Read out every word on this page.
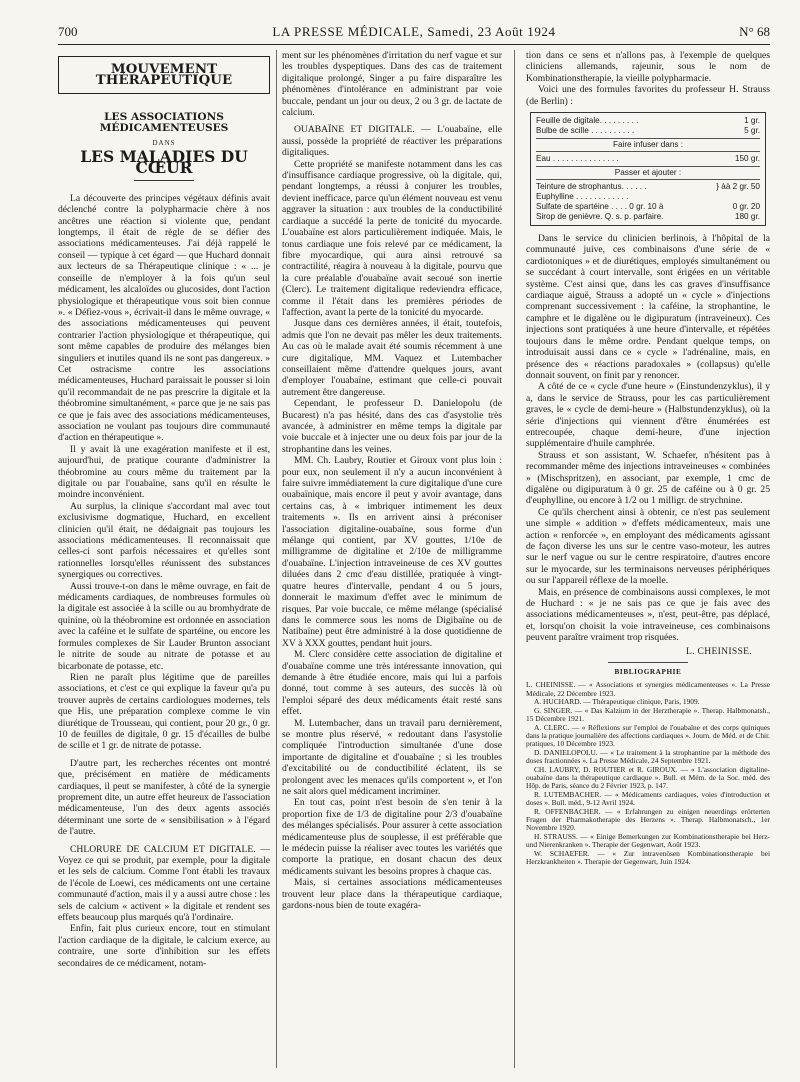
700	LA PRESSE MÉDICALE, Samedi, 23 Août 1924	N° 68
MOUVEMENT THÉRAPEUTIQUE
LES ASSOCIATIONS MÉDICAMENTEUSES
DANS
LES MALADIES DU CŒUR

La découverte des principes végétaux définis avait déclenché contre la polypharmacie chère à nos ancêtres une réaction si violente que, pendant longtemps, il était de règle de se défier des associations médicamenteuses. J'ai déjà rappelé le conseil — typique à cet égard — que Huchard donnait aux lecteurs de sa Thérapeutique clinique : « ... je conseille de n'employer à la fois qu'un seul médicament, les alcaloïdes ou glucosides, dont l'action physiologique et thérapeutique vous soit bien connue ». « Défiez-vous », écrivait-il dans le même ouvrage, « des associations médicamenteuses qui peuvent contrarier l'action physiologique et thérapeutique, qui sont même capables de produire des mélanges bien singuliers et inutiles quand ils ne sont pas dangereux. » Cet ostracisme contre les associations médicamenteuses, Huchard paraissait le pousser si loin qu'il recommandait de ne pas prescrire la digitale et la théobromine simultanément, « parce que je ne sais pas ce que je fais avec des associations médicamenteuses, association ne voulant pas toujours dire communauté d'action en thérapeutique ».

Il y avait là une exagération manifeste et il est, aujourd'hui, de pratique courante d'administrer la théobromine au cours même du traitement par la digitale ou par l'ouabaïne, sans qu'il en résulte le moindre inconvénient.

Au surplus, la clinique s'accordant mal avec tout exclusivisme dogmatique, Huchard, en excellent clinicien qu'il était, ne dédaignait pas toujours les associations médicamenteuses. Il reconnaissait que celles-ci sont parfois nécessaires et qu'elles sont rationnelles lorsqu'elles réunissent des substances synergiques ou correctives.

Aussi trouve-t-on dans le même ouvrage, en fait de médicaments cardiaques, de nombreuses formules où la digitale est associée à la scille ou au bromhydrate de quinine, où la théobromine est ordonnée en association avec la caféine et le sulfate de spartéine, ou encore les formules complexes de Sir Lauder Brunton associant le nitrite de soude au nitrate de potasse et au bicarbonate de potasse, etc.

Rien ne paraît plus légitime que de pareilles associations, et c'est ce qui explique la faveur qu'a pu trouver auprès de certains cardiologues modernes, tels que His, une préparation complexe comme le vin diurétique de Trousseau, qui contient, pour 20 gr., 0 gr. 10 de feuilles de digitale, 0 gr. 15 d'écailles de bulbe de scille et 1 gr. de nitrate de potasse.

D'autre part, les recherches récentes ont montré que, précisément en matière de médicaments cardiaques, il peut se manifester, à côté de la synergie proprement dite, un autre effet heureux de l'association médicamenteuse, l'un des deux agents associés déterminant une sorte de « sensibilisation » à l'égard de l'autre.

CHLORURE DE CALCIUM ET DIGITALE. — Voyez ce qui se produit, par exemple, pour la digitale et les sels de calcium. Comme l'ont établi les travaux de l'école de Loewi, ces médicaments ont une certaine communauté d'action, mais il y a aussi autre chose : les sels de calcium « activent » la digitale et rendent ses effets beaucoup plus marqués qu'à l'ordinaire.

Enfin, fait plus curieux encore, tout en stimulant l'action cardiaque de la digitale, le calcium exerce, au contraire, une sorte d'inhibition sur les effets secondaires de ce médicament, notam-

ment sur les phénomènes d'irritation du nerf vague et sur les troubles dyspeptiques. Dans des cas de traitement digitalique prolongé, Singer a pu faire disparaître les phénomènes d'intolérance en administrant par voie buccale, pendant un jour ou deux, 2 ou 3 gr. de lactate de calcium.

OUABAÏNE ET DIGITALE. — L'ouabaïne, elle aussi, possède la propriété de réactiver les préparations digitaliques.

Cette propriété se manifeste notamment dans les cas d'insuffisance cardiaque progressive, où la digitale, qui, pendant longtemps, a réussi à conjurer les troubles, devient inefficace, parce qu'un élément nouveau est venu aggraver la situation : aux troubles de la conductibilité cardiaque a succédé la perte de tonicité du myocarde. L'ouabaïne est alors particulièrement indiquée. Mais, le tonus cardiaque une fois relevé par ce médicament, la fibre myocardique, qui aura ainsi retrouvé sa contractilité, réagira à nouveau à la digitale, pourvu que la cure préalable d'ouabaïne avait secoué son inertie (Clerc). Le traitement digitalique redeviendra efficace, comme il l'était dans les premières périodes de l'affection, avant la perte de la tonicité du myocarde.

Jusque dans ces dernières années, il était, toutefois, admis que l'on ne devait pas mêler les deux traitements. Au cas où le malade avait été soumis récemment à une cure digitalique, MM. Vaquez et Lutembacher conseillaient même d'attendre quelques jours, avant d'employer l'ouabaïne, estimant que celle-ci pouvait autrement être dangereuse.

Cependant, le professeur D. Danielopolu (de Bucarest) n'a pas hésité, dans des cas d'asystolie très avancée, à administrer en même temps la digitale par voie buccale et à injecter une ou deux fois par jour de la strophantine dans les veines.

MM. Ch. Laubry, Routier et Giroux vont plus loin : pour eux, non seulement il n'y a aucun inconvénient à faire suivre immédiatement la cure digitalique d'une cure ouabaïnique, mais encore il peut y avoir avantage, dans certains cas, à « imbriquer intimement les deux traitements ». Ils en arrivent ainsi à préconiser l'association digitaline-ouabaïne, sous forme d'un mélange qui contient, par XV gouttes, 1/10e de milligramme de digitaline et 2/10e de milligramme d'ouabaïne. L'injection intraveineuse de ces XV gouttes diluées dans 2 cmc d'eau distillée, pratiquée à vingt-quatre heures d'intervalle, pendant 4 ou 5 jours, donnerait le maximum d'effet avec le minimum de risques. Par voie buccale, ce même mélange (spécialisé dans le commerce sous les noms de Digibaïne ou de Natibaïne) peut être administré à la dose quotidienne de XV à XXX gouttes, pendant huit jours.

M. Clerc considère cette association de digitaline et d'ouabaïne comme une très intéressante innovation, qui demande à être étudiée encore, mais qui lui a parfois donné, tout comme à ses auteurs, des succès là où l'emploi séparé des deux médicaments était resté sans effet.

M. Lutembacher, dans un travail paru dernièrement, se montre plus réservé, « redoutant dans l'asystolie compliquée l'introduction simultanée d'une dose importante de digitaline et d'ouabaïne ; si les troubles d'excitabilité ou de conductibilité éclatent, ils se prolongent avec les menaces qu'ils comportent », et l'on ne sait alors quel médicament incriminer.

En tout cas, point n'est besoin de s'en tenir à la proportion fixe de 1/3 de digitaline pour 2/3 d'ouabaïne des mélanges spécialisés. Pour assurer à cette association médicamenteuse plus de souplesse, il est préférable que le médecin puisse la réaliser avec toutes les variétés que comporte la pratique, en dosant chacun des deux médicaments suivant les besoins propres à chaque cas.

Mais, si certaines associations médicamenteuses trouvent leur place dans la thérapeutique cardiaque, gardons-nous bien de toute exagéra-

tion dans ce sens et n'allons pas, à l'exemple de quelques cliniciens allemands, rajeunir, sous le nom de Kombinationstherapie, la vieille polypharmacie.

Voici une des formules favorites du professeur H. Strauss (de Berlin) :

Feuille de digitale. . . . . . . . .	1 gr.
Bulbe de scille . . . . . . . . . .	5 gr.
Faire infuser dans :
Eau . . . . . . . . . . . . . . .	150 gr.
Passer et ajouter :
Teinture de strophantus. . . . . .	} àà 2 gr. 50
Euphylline . . . . . . . . . . . .
Sulfate de spartéine . . . . 0 gr. 10 à	0 gr. 20
Sirop de genièvre. Q. s. p. parfaire.	180 gr.

Dans le service du clinicien berlinois, à l'hôpital de la communauté juive, ces combinaisons d'une série de « cardiotoniques » et de diurétiques, employés simultanément ou se succédant à court intervalle, sont érigées en un véritable système. C'est ainsi que, dans les cas graves d'insuffisance cardiaque aiguë, Strauss a adopté un « cycle » d'injections comprenant successivement : la caféine, la strophantine, le camphre et le digalène ou le digipuratum (intraveineux). Ces injections sont pratiquées à une heure d'intervalle, et répétées toujours dans le même ordre. Pendant quelque temps, on introduisait aussi dans ce « cycle » l'adrénaline, mais, en présence des « réactions paradoxales » (collapsus) qu'elle donnait souvent, on finit par y renoncer.

A côté de ce « cycle d'une heure » (Einstundenzyklus), il y a, dans le service de Strauss, pour les cas particulièrement graves, le « cycle de demi-heure » (Halbstundenzyklus), où la série d'injections qui viennent d'être énumérées est entrecoupée, chaque demi-heure, d'une injection supplémentaire d'huile camphrée.

Strauss et son assistant, W. Schaefer, n'hésitent pas à recommander même des injections intraveineuses « combinées » (Mischspritzen), en associant, par exemple, 1 cmc de digalène ou digipuratum à 0 gr. 25 de caféine ou à 0 gr. 25 d'euphylline, ou encore à 1/2 ou 1 milligr. de strychnine.

Ce qu'ils cherchent ainsi à obtenir, ce n'est pas seulement une simple « addition » d'effets médicamenteux, mais une action « renforcée », en employant des médicaments agissant de façon diverse les uns sur le centre vaso-moteur, les autres sur le nerf vague ou sur le centre respiratoire, d'autres encore sur le myocarde, sur les terminaisons nerveuses périphériques ou sur l'appareil réflexe de la moelle.

Mais, en présence de combinaisons aussi complexes, le mot de Huchard : « je ne sais pas ce que je fais avec des associations médicamenteuses », n'est, peut-être, pas déplacé, et, lorsqu'on choisit la voie intraveineuse, ces combinaisons peuvent paraître vraiment trop risquées.

L. CHEINISSE.
BIBLIOGRAPHIE

L. CHEINISSE. — « Associations et synergies médicamenteuses ». La Presse Médicale, 22 Décembre 1923.

A. HUCHARD. — Thérapeutique clinique, Paris, 1909.

G. SINGER. — « Das Kalzium in der Herztherapie ». Therap. Halbmonatsh., 15 Décembre 1921.

A. CLERC. — « Réflexions sur l'emploi de l'ouabaïne et des corps quiniques dans la pratique journalière des affections cardiaques ». Journ. de Méd. et de Chir. pratiques, 10 Décembre 1923.

D. DANIELOPOLU. — « Le traitement à la strophantine par la méthode des doses fractionnées ». La Presse Médicale, 24 Septembre 1921.

CH. LAUBRY, D. ROUTIER et R. GIROUX. — « L'association digitaline-ouabaïne dans la thérapeutique cardiaque ». Bull. et Mém. de la Soc. méd. des Hôp. de Paris, séance du 2 Février 1923, p. 147.

R. LUTEMBACHER. — « Médicaments cardiaques, voies d'introduction et doses ». Bull. méd., 9-12 Avril 1924.

R. OFFENBACHER. — « Erfahrungen zu einigen neuerdings erörterten Fragen der Pharmakotherapie des Herzens ». Therap. Halbmonatsch., 1er Novembre 1920.

H. STRAUSS. — « Einige Bemerkungen zur Kombinationstherapie bei Herz- und Nierenkranken ». Therapie der Gegenwart, Août 1923.

W. SCHAEFER. — « Zur intravenösen Kombinationstherapie bei Herzkrankheiten ». Therapie der Gegenwart, Juin 1924.
